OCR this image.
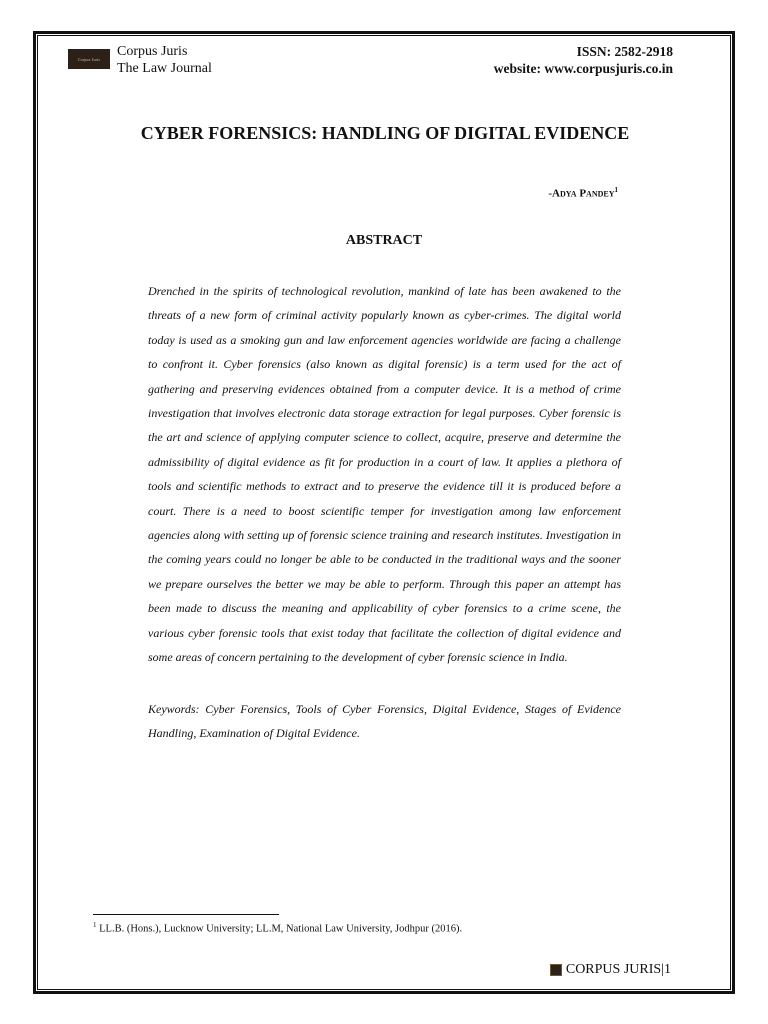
Corpus Juris Corpus Juris
The Law Journal
ISSN: 2582-2918
website: www.corpusjuris.co.in
CYBER FORENSICS: HANDLING OF DIGITAL EVIDENCE
-Adya Pandey$^1$
ABSTRACT

Drenched in the spirits of technological revolution, mankind of late has been awakened to the threats of a new form of criminal activity popularly known as cyber-crimes. The digital world today is used as a smoking gun and law enforcement agencies worldwide are facing a challenge to confront it. Cyber forensics (also known as digital forensic) is a term used for the act of gathering and preserving evidences obtained from a computer device. It is a method of crime investigation that involves electronic data storage extraction for legal purposes. Cyber forensic is the art and science of applying computer science to collect, acquire, preserve and determine the admissibility of digital evidence as fit for production in a court of law. It applies a plethora of tools and scientific methods to extract and to preserve the evidence till it is produced before a court. There is a need to boost scientific temper for investigation among law enforcement agencies along with setting up of forensic science training and research institutes. Investigation in the coming years could no longer be able to be conducted in the traditional ways and the sooner we prepare ourselves the better we may be able to perform. Through this paper an attempt has been made to discuss the meaning and applicability of cyber forensics to a crime scene, the various cyber forensic tools that exist today that facilitate the collection of digital evidence and some areas of concern pertaining to the development of cyber forensic science in India.

Keywords: Cyber Forensics, Tools of Cyber Forensics, Digital Evidence, Stages of Evidence Handling, Examination of Digital Evidence.

$^1$ LL.B. (Hons.), Lucknow University; LL.M, National Law University, Jodhpur (2016).
CORPUS JURIS | 1
